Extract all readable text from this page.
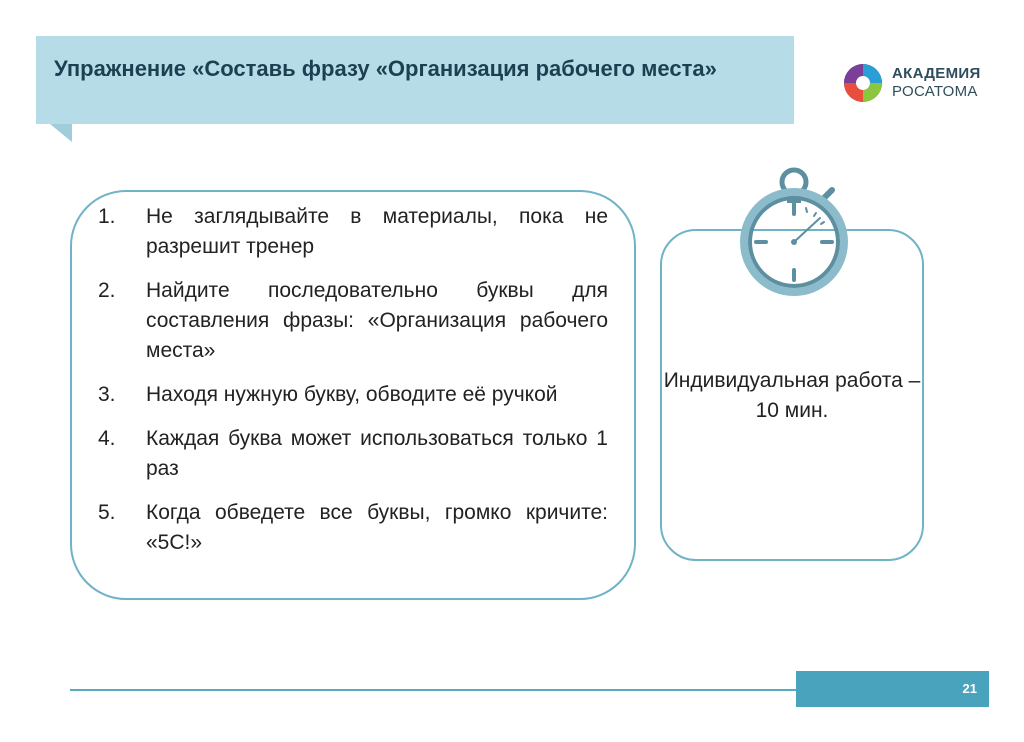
Упражнение «Составь фразу «Организация рабочего места»	АКАДЕМИЯ
РОСАТОМА
1. Не заглядывайте в материалы, пока не разрешит тренер
2. Найдите последовательно буквы для составления фразы: «Организация рабочего места»
3. Находя нужную букву, обводите её ручкой
4. Каждая буква может использоваться только 1 раз
5. Когда обведете все буквы, громко кричите: «5С!»
Индивидуальная работа – 10 мин.
21
